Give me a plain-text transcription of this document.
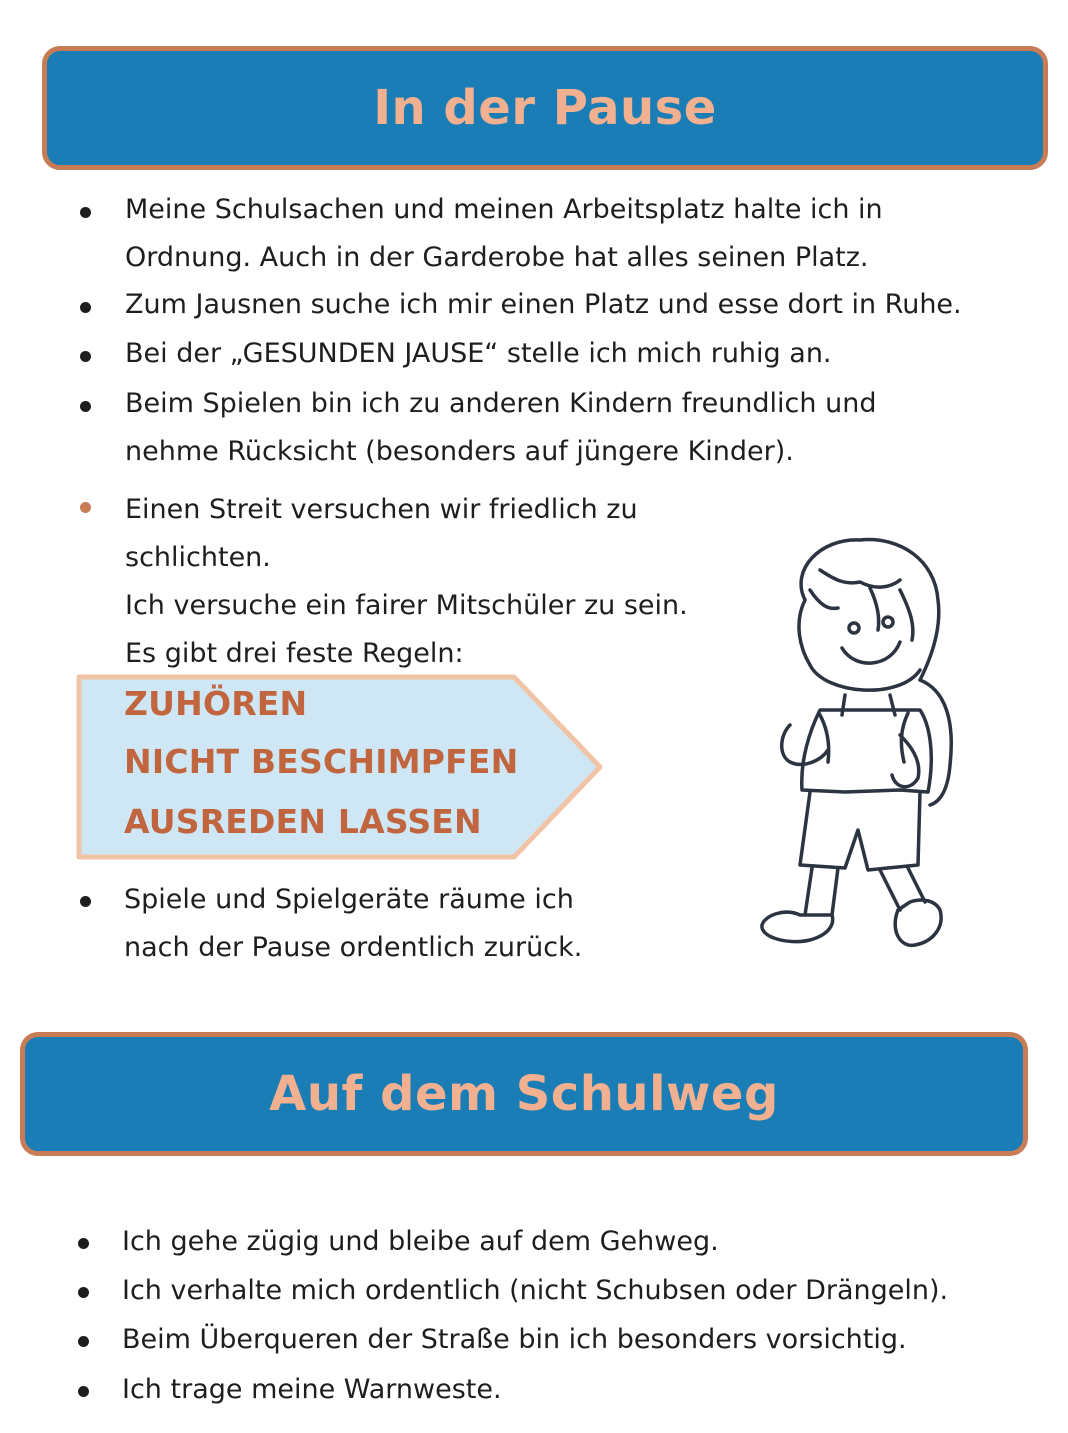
In der Pause
Meine Schulsachen und meinen Arbeitsplatz halte ich in
Ordnung. Auch in der Garderobe hat alles seinen Platz.
Zum Jausnen suche ich mir einen Platz und esse dort in Ruhe.
Bei der „GESUNDEN JAUSE“ stelle ich mich ruhig an.
Beim Spielen bin ich zu anderen Kindern freundlich und
nehme Rücksicht (besonders auf jüngere Kinder).
Einen Streit versuchen wir friedlich zu
schlichten.
Ich versuche ein fairer Mitschüler zu sein.
Es gibt drei feste Regeln:
ZUHÖREN
NICHT BESCHIMPFEN
AUSREDEN LASSEN
Spiele und Spielgeräte räume ich
nach der Pause ordentlich zurück.
Auf dem Schulweg
Ich gehe zügig und bleibe auf dem Gehweg.
Ich verhalte mich ordentlich (nicht Schubsen oder Drängeln).
Beim Überqueren der Straße bin ich besonders vorsichtig.
Ich trage meine Warnweste.
